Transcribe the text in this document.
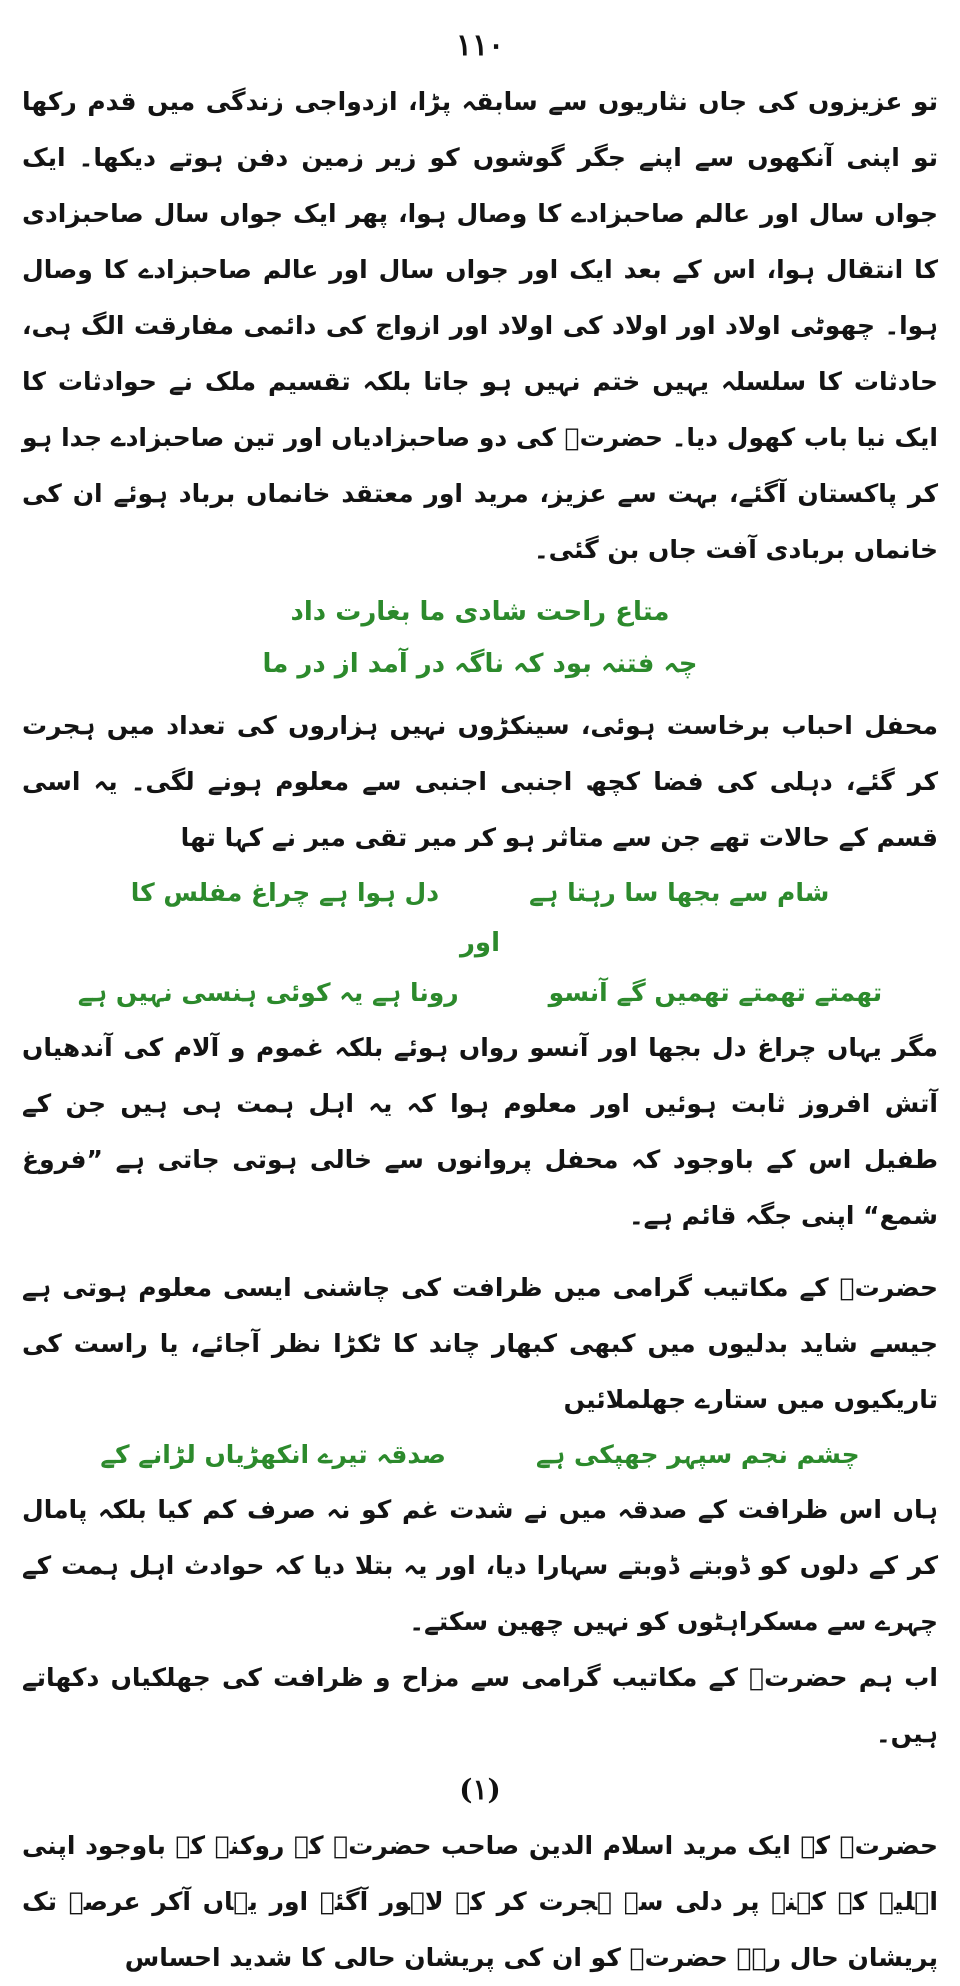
۱۱۰

تو عزیزوں کی جاں نثاریوں سے سابقہ پڑا، ازدواجی زندگی میں قدم رکھا تو اپنی آنکھوں سے اپنے جگر گوشوں کو زیر زمین دفن ہوتے دیکھا۔ ایک جواں سال اور عالم صاحبزادے کا وصال ہوا، پھر ایک جواں سال صاحبزادی کا انتقال ہوا، اس کے بعد ایک اور جواں سال اور عالم صاحبزادے کا وصال ہوا۔ چھوٹی اولاد اور اولاد کی اولاد اور ازواج کی دائمی مفارقت الگ ہی، حادثات کا سلسلہ یہیں ختم نہیں ہو جاتا بلکہ تقسیم ملک نے حوادثات کا ایک نیا باب کھول دیا۔ حضرتؒ کی دو صاحبزادیاں اور تین صاحبزادے جدا ہو کر پاکستان آگئے، بہت سے عزیز، مرید اور معتقد خانماں برباد ہوئے ان کی خانماں بربادی آفت جاں بن گئی۔

متاع راحت شادی ما بغارت داد

چہ فتنہ بود کہ ناگہ در آمد از در ما

محفل احباب برخاست ہوئی، سینکڑوں نہیں ہزاروں کی تعداد میں ہجرت کر گئے، دہلی کی فضا کچھ اجنبی اجنبی سے معلوم ہونے لگی۔ یہ اسی قسم کے حالات تھے جن سے متاثر ہو کر میر تقی میر نے کہا تھا

شام سے بجھا سا رہتا ہے
دل ہوا ہے چراغ مفلس کا
اور
تھمتے تھمتے تھمیں گے آنسو
رونا ہے یہ کوئی ہنسی نہیں ہے

مگر یہاں چراغ دل بجھا اور آنسو رواں ہوئے بلکہ غموم و آلام کی آندھیاں آتش افروز ثابت ہوئیں اور معلوم ہوا کہ یہ اہل ہمت ہی ہیں جن کے طفیل اس کے باوجود کہ محفل پروانوں سے خالی ہوتی جاتی ہے ”فروغ شمع“ اپنی جگہ قائم ہے۔

حضرتؒ کے مکاتیب گرامی میں ظرافت کی چاشنی ایسی معلوم ہوتی ہے جیسے شاید بدلیوں میں کبھی کبھار چاند کا ٹکڑا نظر آجائے، یا راست کی تاریکیوں میں ستارے جھلملائیں

چشم نجم سپہر جھپکی ہے
صدقہ تیرے انکھڑیاں لڑانے کے

ہاں اس ظرافت کے صدقہ میں نے شدت غم کو نہ صرف کم کیا بلکہ پامال کر کے دلوں کو ڈوبتے ڈوبتے سہارا دیا، اور یہ بتلا دیا کہ حوادث اہل ہمت کے چہرے سے مسکراہٹوں کو نہیں چھین سکتے۔

اب ہم حضرتؒ کے مکاتیب گرامی سے مزاح و ظرافت کی جھلکیاں دکھاتے ہیں۔

(۱)

حضرتؒ کے ایک مرید اسلام الدین صاحب حضرتؒ کے روکنے کے باوجود اپنی اہلیہ کے کہنے پر دلی سے ہجرت کر کے لاہور آگئے اور یہاں آکر عرصہ تک پریشان حال رہے حضرتؒ کو ان کی پریشان حالی کا شدید احساس
